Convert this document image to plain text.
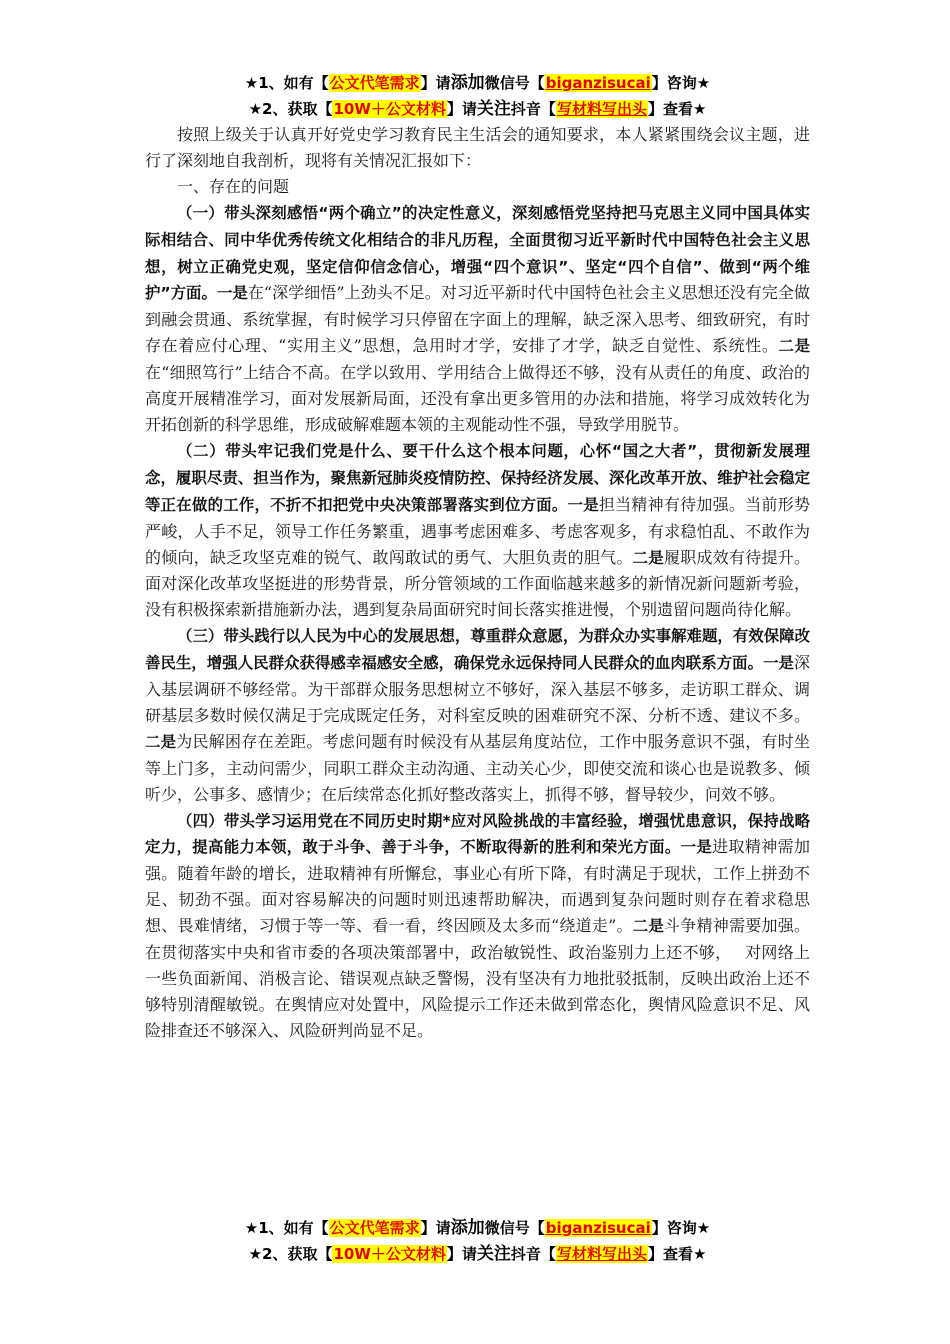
★1、如有【公文代笔需求】请添加微信号【biganzisucai】咨询★
★2、获取【10W＋公文材料】请关注抖音【写材料写出头】查看★

按照上级关于认真开好党史学习教育民主生活会的通知要求，本人紧紧围绕会议主题，进行了深刻地自我剖析，现将有关情况汇报如下：

一、存在的问题

（一）带头深刻感悟“两个确立”的决定性意义，深刻感悟党坚持把马克思主义同中国具体实际相结合、同中华优秀传统文化相结合的非凡历程，全面贯彻习近平新时代中国特色社会主义思想，树立正确党史观，坚定信仰信念信心，增强“四个意识”、坚定“四个自信”、做到“两个维护”方面。一是在“深学细悟”上劲头不足。对习近平新时代中国特色社会主义思想还没有完全做到融会贯通、系统掌握，有时候学习只停留在字面上的理解，缺乏深入思考、细致研究，有时存在着应付心理、“实用主义”思想，急用时才学，安排了才学，缺乏自觉性、系统性。二是在“细照笃行”上结合不高。在学以致用、学用结合上做得还不够，没有从责任的角度、政治的高度开展精准学习，面对发展新局面，还没有拿出更多管用的办法和措施，将学习成效转化为开拓创新的科学思维，形成破解难题本领的主观能动性不强，导致学用脱节。

（二）带头牢记我们党是什么、要干什么这个根本问题，心怀“国之大者”，贯彻新发展理念，履职尽责、担当作为，聚焦新冠肺炎疫情防控、保持经济发展、深化改革开放、维护社会稳定等正在做的工作，不折不扣把党中央决策部署落实到位方面。一是担当精神有待加强。当前形势严峻，人手不足，领导工作任务繁重，遇事考虑困难多、考虑客观多，有求稳怕乱、不敢作为的倾向，缺乏攻坚克难的锐气、敢闯敢试的勇气、大胆负责的胆气。二是履职成效有待提升。面对深化改革攻坚挺进的形势背景，所分管领域的工作面临越来越多的新情况新问题新考验，没有积极探索新措施新办法，遇到复杂局面研究时间长落实推进慢，个别遗留问题尚待化解。

（三）带头践行以人民为中心的发展思想，尊重群众意愿，为群众办实事解难题，有效保障改善民生，增强人民群众获得感幸福感安全感，确保党永远保持同人民群众的血肉联系方面。一是深入基层调研不够经常。为干部群众服务思想树立不够好，深入基层不够多，走访职工群众、调研基层多数时候仅满足于完成既定任务，对科室反映的困难研究不深、分析不透、建议不多。二是为民解困存在差距。考虑问题有时候没有从基层角度站位，工作中服务意识不强，有时坐等上门多，主动问需少，同职工群众主动沟通、主动关心少，即使交流和谈心也是说教多、倾听少，公事多、感情少；在后续常态化抓好整改落实上，抓得不够，督导较少，问效不够。

（四）带头学习运用党在不同历史时期*应对风险挑战的丰富经验，增强忧患意识，保持战略定力，提高能力本领，敢于斗争、善于斗争，不断取得新的胜利和荣光方面。一是进取精神需加强。随着年龄的增长，进取精神有所懈怠，事业心有所下降，有时满足于现状，工作上拼劲不足、韧劲不强。面对容易解决的问题时则迅速帮助解决，而遇到复杂问题时则存在着求稳思想、畏难情绪，习惯于等一等、看一看，终因顾及太多而“绕道走”。二是斗争精神需要加强。在贯彻落实中央和省市委的各项决策部署中，政治敏锐性、政治鉴别力上还不够，　 对网络上一些负面新闻、消极言论、错误观点缺乏警惕，没有坚决有力地批驳抵制，反映出政治上还不够特别清醒敏锐。在舆情应对处置中，风险提示工作还未做到常态化，舆情风险意识不足、风险排查还不够深入、风险研判尚显不足。

★1、如有【公文代笔需求】请添加微信号【biganzisucai】咨询★
★2、获取【10W＋公文材料】请关注抖音【写材料写出头】查看★
